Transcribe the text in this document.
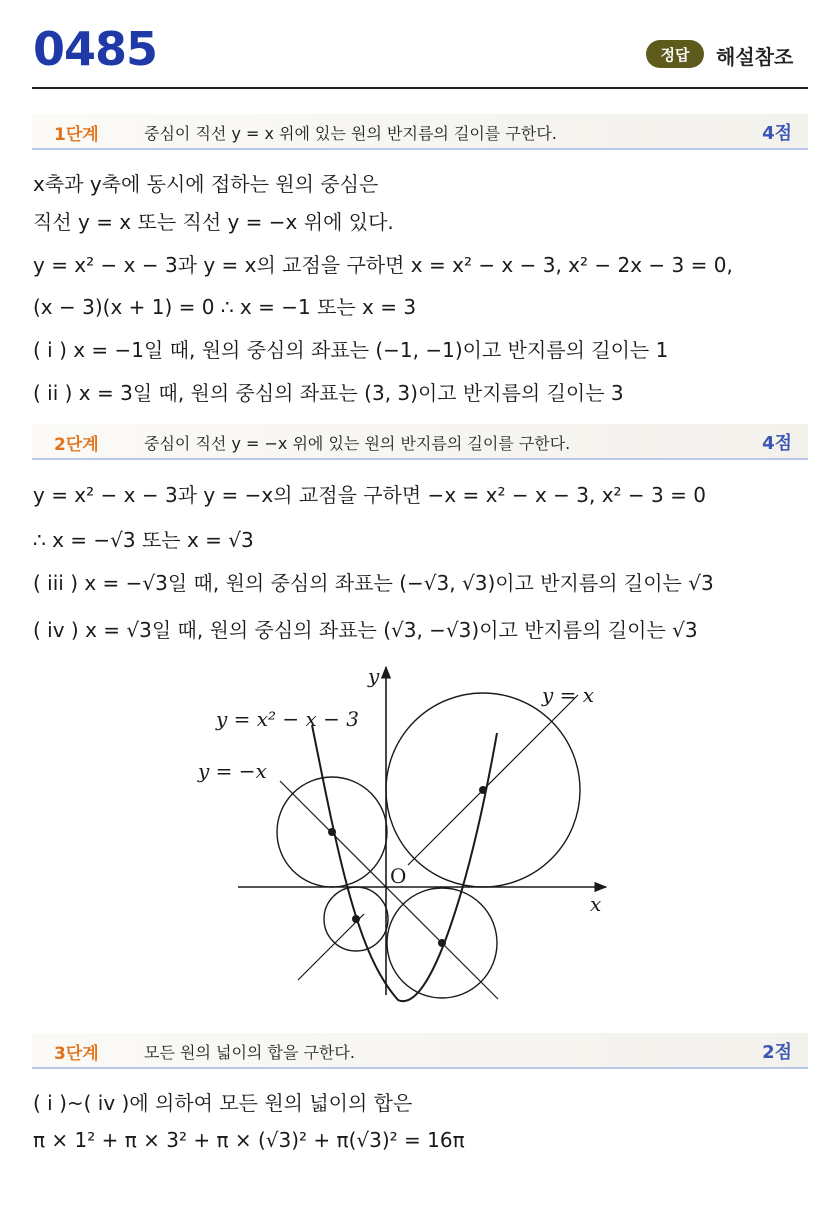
0485	정답	해설참조
1단계	중심이 직선 y = x 위에 있는 원의 반지름의 길이를 구한다.	4점
x축과 y축에 동시에 접하는 원의 중심은
직선 y = x 또는 직선 y = −x 위에 있다.
y = x² − x − 3과 y = x의 교점을 구하면 x = x² − x − 3, x² − 2x − 3 = 0,
(x − 3)(x + 1) = 0 ∴ x = −1 또는 x = 3
( i ) x = −1일 때, 원의 중심의 좌표는 (−1, −1)이고 반지름의 길이는 1
( ii ) x = 3일 때, 원의 중심의 좌표는 (3, 3)이고 반지름의 길이는 3
2단계	중심이 직선 y = −x 위에 있는 원의 반지름의 길이를 구한다.	4점
y = x² − x − 3과 y = −x의 교점을 구하면 −x = x² − x − 3, x² − 3 = 0
∴ x = −√3 또는 x = √3
( iii ) x = −√3일 때, 원의 중심의 좌표는 (−√3, √3)이고 반지름의 길이는 √3
( iv ) x = √3일 때, 원의 중심의 좌표는 (√3, −√3)이고 반지름의 길이는 √3
y
x
O
y = x
y = −x
y = x² − x − 3
3단계	모든 원의 넓이의 합을 구한다.	2점
( i )~( iv )에 의하여 모든 원의 넓이의 합은
π × 1² + π × 3² + π × (√3)² + π(√3)² = 16π
